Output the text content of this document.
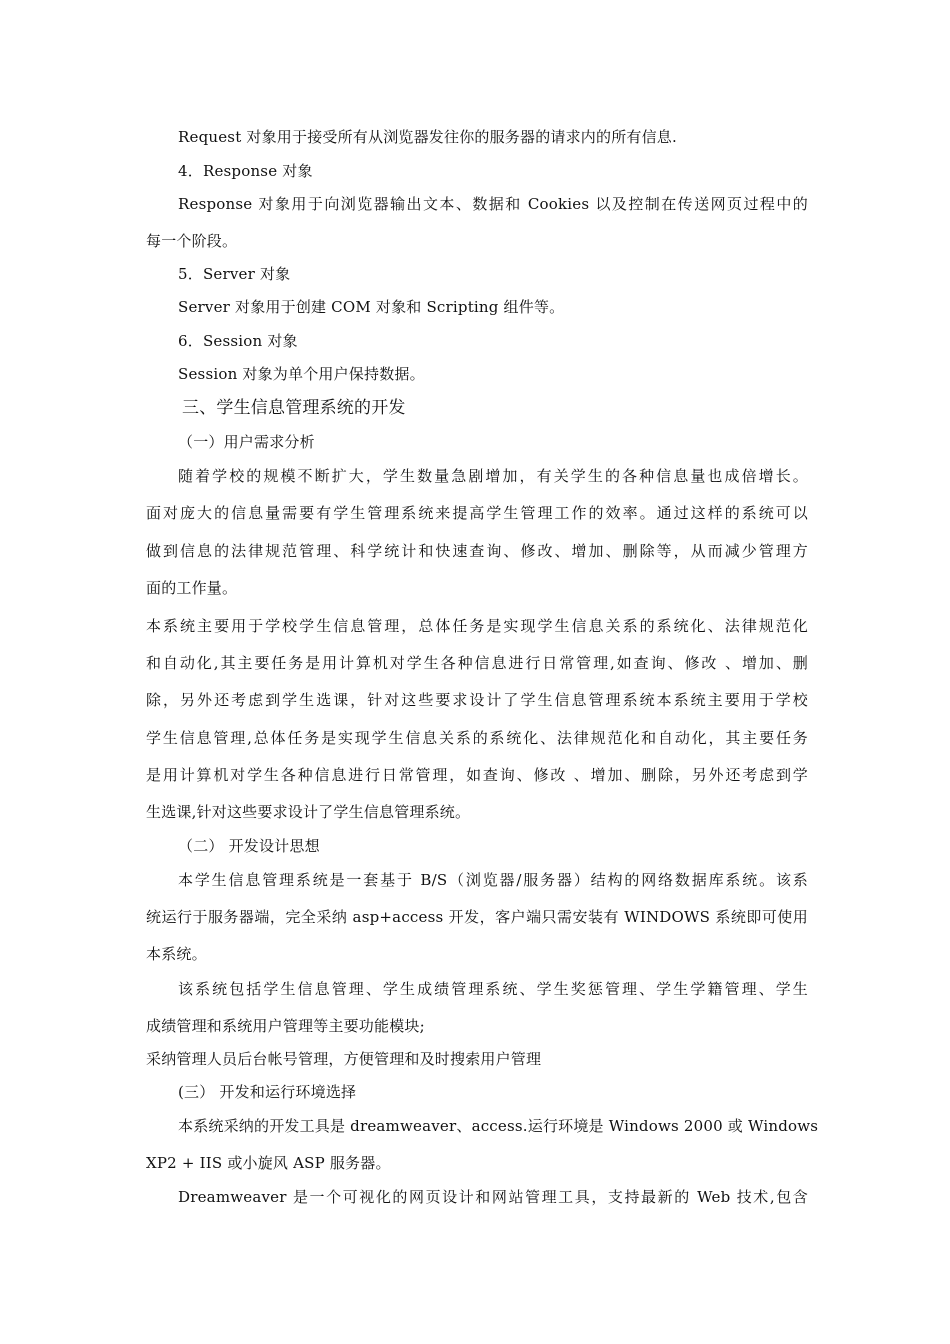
Request 对象用于接受所有从浏览器发往你的服务器的请求内的所有信息.
4．Response 对象
Response 对象用于向浏览器输出文本、数据和 Cookies 以及控制在传送网页过程中的
每一个阶段。
5．Server 对象
Server 对象用于创建 COM 对象和 Scripting 组件等。
6．Session 对象
Session 对象为单个用户保持数据。
三、学生信息管理系统的开发
（一）用户需求分析
随着学校的规模不断扩大，学生数量急剧增加，有关学生的各种信息量也成倍增长。
面对庞大的信息量需要有学生管理系统来提高学生管理工作的效率。通过这样的系统可以
做到信息的法律规范管理、科学统计和快速查询、修改、增加、删除等，从而减少管理方
面的工作量。
本系统主要用于学校学生信息管理，总体任务是实现学生信息关系的系统化、法律规范化
和自动化,其主要任务是用计算机对学生各种信息进行日常管理,如查询、修改 、增加、删
除，另外还考虑到学生选课，针对这些要求设计了学生信息管理系统本系统主要用于学校
学生信息管理,总体任务是实现学生信息关系的系统化、法律规范化和自动化，其主要任务
是用计算机对学生各种信息进行日常管理，如查询、修改 、增加、删除，另外还考虑到学
生选课,针对这些要求设计了学生信息管理系统。
（二） 开发设计思想
本学生信息管理系统是一套基于 B/S（浏览器/服务器）结构的网络数据库系统。该系
统运行于服务器端，完全采纳 asp+access 开发，客户端只需安装有 WINDOWS 系统即可使用
本系统。
该系统包括学生信息管理、学生成绩管理系统、学生奖惩管理、学生学籍管理、学生
成绩管理和系统用户管理等主要功能模块;
采纳管理人员后台帐号管理，方便管理和及时搜索用户管理
(三） 开发和运行环境选择
本系统采纳的开发工具是 dreamweaver、access.运行环境是 Windows 2000 或 Windows
XP2 + IIS 或小旋风 ASP 服务器。
Dreamweaver 是一个可视化的网页设计和网站管理工具，支持最新的 Web 技术,包含
